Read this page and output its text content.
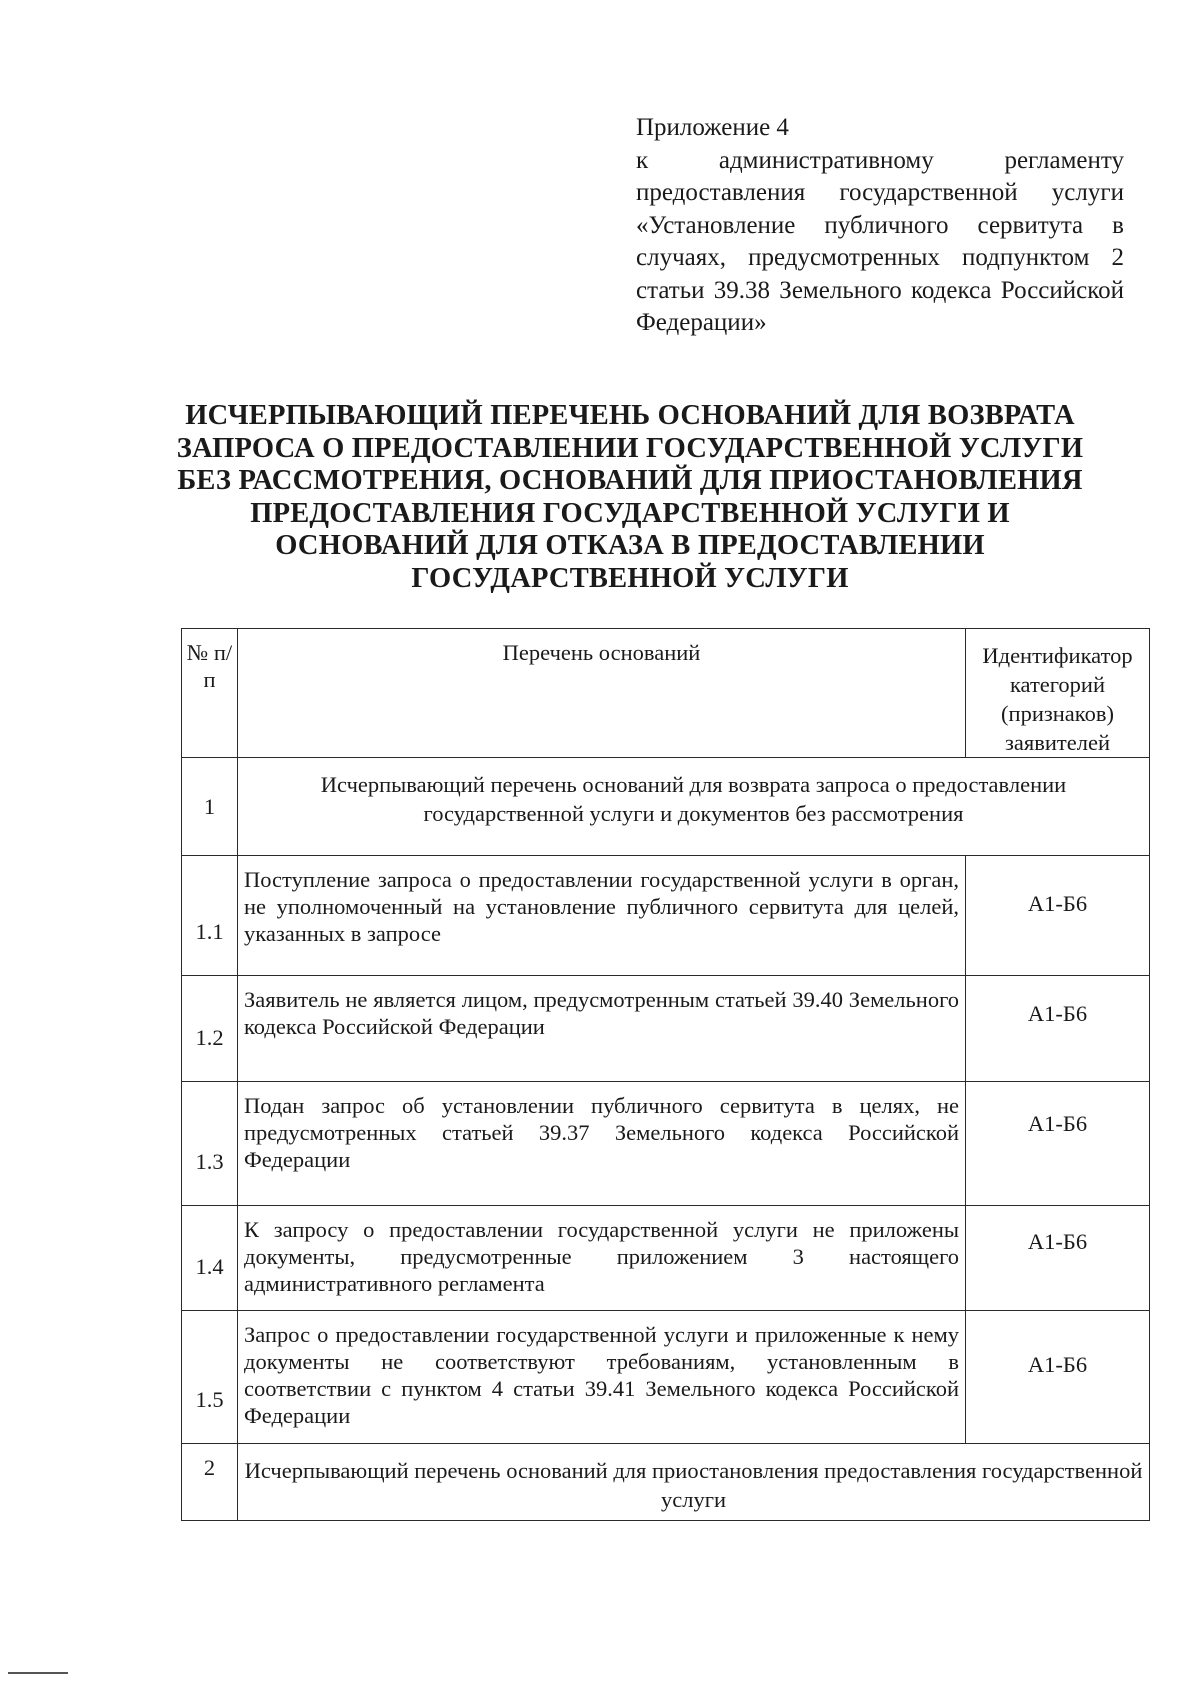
Приложение 4
к административному регламенту предоставления государственной услуги «Установление публичного сервитута в случаях, предусмотренных подпунктом 2 статьи 39.38 Земельного кодекса Российской Федерации»
ИСЧЕРПЫВАЮЩИЙ ПЕРЕЧЕНЬ ОСНОВАНИЙ ДЛЯ ВОЗВРАТА
ЗАПРОСА О ПРЕДОСТАВЛЕНИИ ГОСУДАРСТВЕННОЙ УСЛУГИ
БЕЗ РАССМОТРЕНИЯ, ОСНОВАНИЙ ДЛЯ ПРИОСТАНОВЛЕНИЯ
ПРЕДОСТАВЛЕНИЯ ГОСУДАРСТВЕННОЙ УСЛУГИ И
ОСНОВАНИЙ ДЛЯ ОТКАЗА В ПРЕДОСТАВЛЕНИИ
ГОСУДАРСТВЕННОЙ УСЛУГИ
№ п/п	Перечень оснований	Идентификатор категорий (признаков) заявителей
1	Исчерпывающий перечень оснований для возврата запроса о предоставлении государственной услуги и документов без рассмотрения	
1.1	Поступление запроса о предоставлении государственной услуги в орган, не уполномоченный на установление публичного сервитута для целей, указанных в запросе	А1-Б6
1.2	Заявитель не является лицом, предусмотренным статьей 39.40 Земельного кодекса Российской Федерации	А1-Б6
1.3	Подан запрос об установлении публичного сервитута в целях, не предусмотренных статьей 39.37 Земельного кодекса Российской Федерации	А1-Б6
1.4	К запросу о предоставлении государственной услуги не приложены документы, предусмотренные приложением 3 настоящего административного регламента	А1-Б6
1.5	Запрос о предоставлении государственной услуги и приложенные к нему документы не соответствуют требованиям, установленным в соответствии с пунктом 4 статьи 39.41 Земельного кодекса Российской Федерации	А1-Б6
2	Исчерпывающий перечень оснований для приостановления предоставления государственной услуги	
